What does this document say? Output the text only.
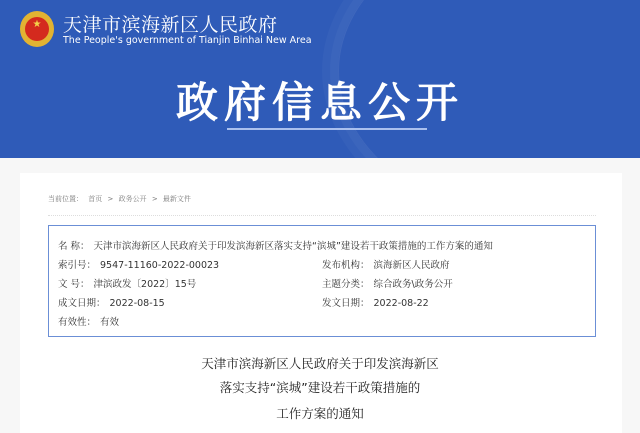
★	天津市滨海新区人民政府
The People's government of Tianjin Binhai New Area
政府信息公开
当前位置： 首页 > 政务公开 > 最新文件
名 称： 天津市滨海新区人民政府关于印发滨海新区落实支持“滨城”建设若干政策措施的工作方案的通知
索引号： 9547-11160-2022-00023	发布机构： 滨海新区人民政府
文 号： 津滨政发〔2022〕15号	主题分类： 综合政务\政务公开
成文日期： 2022-08-15	发文日期： 2022-08-22
有效性： 有效
天津市滨海新区人民政府关于印发滨海新区
落实支持“滨城”建设若干政策措施的
工作方案的通知
